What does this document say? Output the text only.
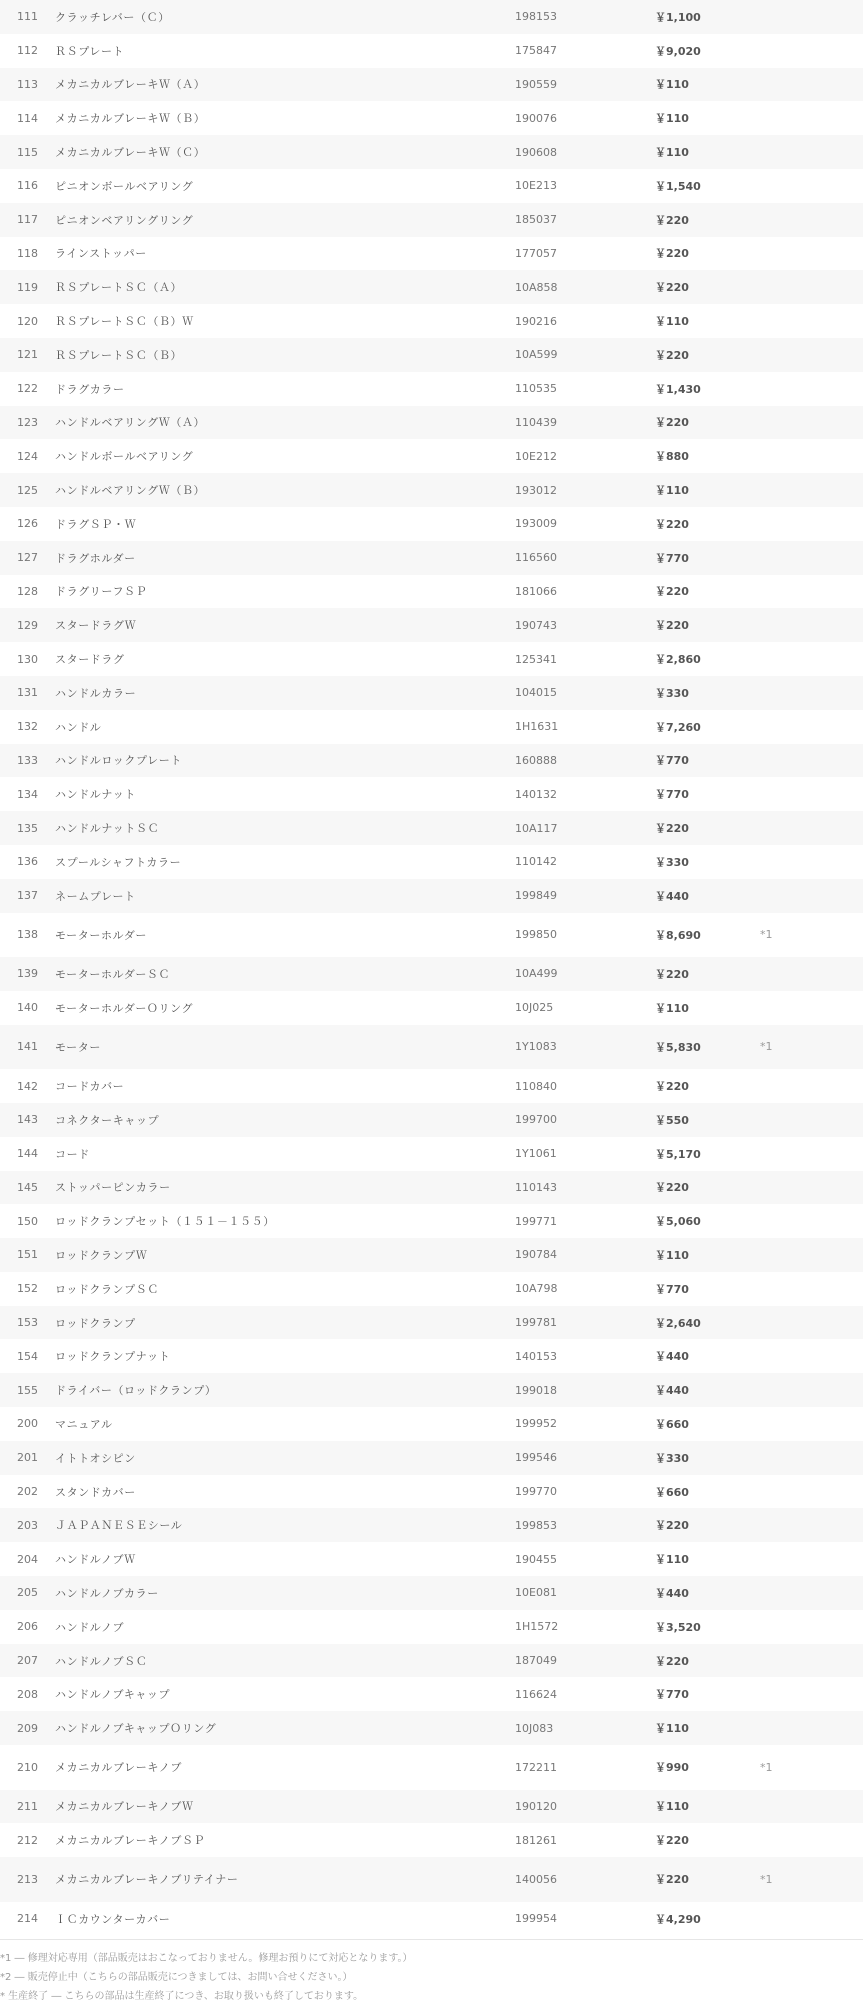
111	クラッチレバー（Ｃ）	198153	￥1,100	
112	ＲＳプレート	175847	￥9,020	
113	メカニカルブレーキＷ（Ａ）	190559	￥110	
114	メカニカルブレーキＷ（Ｂ）	190076	￥110	
115	メカニカルブレーキＷ（Ｃ）	190608	￥110	
116	ピニオンボールベアリング	10E213	￥1,540	
117	ピニオンベアリングリング	185037	￥220	
118	ラインストッパー	177057	￥220	
119	ＲＳプレートＳＣ（Ａ）	10A858	￥220	
120	ＲＳプレートＳＣ（Ｂ）Ｗ	190216	￥110	
121	ＲＳプレートＳＣ（Ｂ）	10A599	￥220	
122	ドラグカラー	110535	￥1,430	
123	ハンドルベアリングＷ（Ａ）	110439	￥220	
124	ハンドルボールベアリング	10E212	￥880	
125	ハンドルベアリングＷ（Ｂ）	193012	￥110	
126	ドラグＳＰ・Ｗ	193009	￥220	
127	ドラグホルダー	116560	￥770	
128	ドラグリーフＳＰ	181066	￥220	
129	スタードラグＷ	190743	￥220	
130	スタードラグ	125341	￥2,860	
131	ハンドルカラー	104015	￥330	
132	ハンドル	1H1631	￥7,260	
133	ハンドルロックプレート	160888	￥770	
134	ハンドルナット	140132	￥770	
135	ハンドルナットＳＣ	10A117	￥220	
136	スプールシャフトカラー	110142	￥330	
137	ネームプレート	199849	￥440	
138	モーターホルダー	199850	￥8,690	*1
139	モーターホルダーＳＣ	10A499	￥220	
140	モーターホルダーＯリング	10J025	￥110	
141	モーター	1Y1083	￥5,830	*1
142	コードカバー	110840	￥220	
143	コネクターキャップ	199700	￥550	
144	コード	1Y1061	￥5,170	
145	ストッパーピンカラー	110143	￥220	
150	ロッドクランプセット（１５１－１５５）	199771	￥5,060	
151	ロッドクランプＷ	190784	￥110	
152	ロッドクランプＳＣ	10A798	￥770	
153	ロッドクランプ	199781	￥2,640	
154	ロッドクランプナット	140153	￥440	
155	ドライバー（ロッドクランプ）	199018	￥440	
200	マニュアル	199952	￥660	
201	イトトオシピン	199546	￥330	
202	スタンドカバー	199770	￥660	
203	ＪＡＰＡＮＥＳＥシール	199853	￥220	
204	ハンドルノブＷ	190455	￥110	
205	ハンドルノブカラー	10E081	￥440	
206	ハンドルノブ	1H1572	￥3,520	
207	ハンドルノブＳＣ	187049	￥220	
208	ハンドルノブキャップ	116624	￥770	
209	ハンドルノブキャップＯリング	10J083	￥110	
210	メカニカルブレーキノブ	172211	￥990	*1
211	メカニカルブレーキノブＷ	190120	￥110	
212	メカニカルブレーキノブＳＰ	181261	￥220	
213	メカニカルブレーキノブリテイナー	140056	￥220	*1
214	ＩＣカウンターカバー	199954	￥4,290	

*1 ― 修理対応専用（部品販売はおこなっておりません。修理お預りにて対応となります。）

*2 ― 販売停止中（こちらの部品販売につきましては、お問い合せください。）

* 生産終了 ― こちらの部品は生産終了につき、お取り扱いも終了しております。
